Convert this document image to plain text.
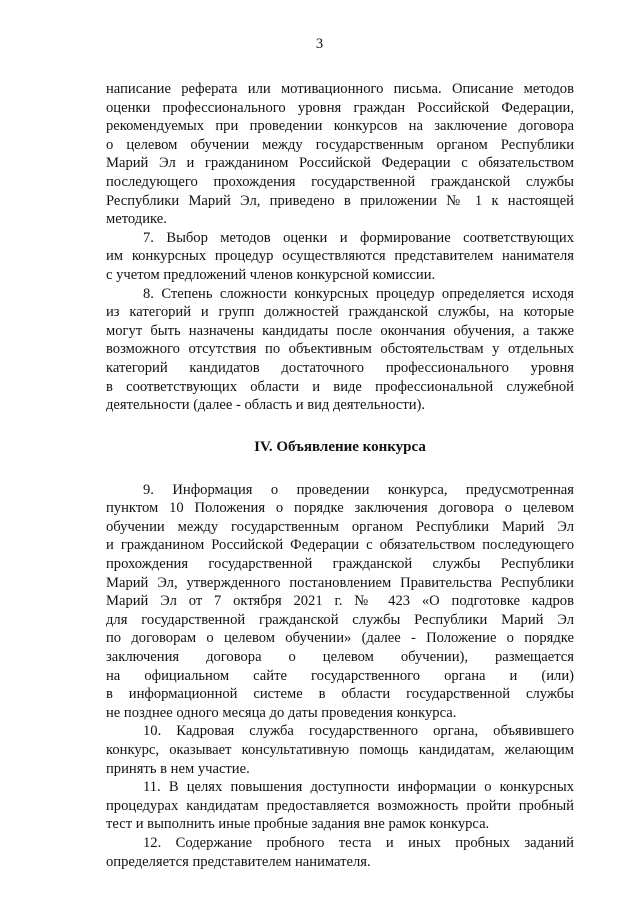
3
написание реферата или мотивационного письма. Описание методов
оценки профессионального уровня граждан Российской Федерации,
рекомендуемых при проведении конкурсов на заключение договора
о целевом обучении между государственным органом Республики
Марий Эл и гражданином Российской Федерации с обязательством
последующего прохождения государственной гражданской службы
Республики Марий Эл, приведено в приложении № 1 к настоящей
методике.
7. Выбор методов оценки и формирование соответствующих
им конкурсных процедур осуществляются представителем нанимателя
с учетом предложений членов конкурсной комиссии.
8. Степень сложности конкурсных процедур определяется исходя
из категорий и групп должностей гражданской службы, на которые
могут быть назначены кандидаты после окончания обучения, а также
возможного отсутствия по объективным обстоятельствам у отдельных
категорий кандидатов достаточного профессионального уровня
в соответствующих области и виде профессиональной служебной
деятельности (далее - область и вид деятельности).
IV. Объявление конкурса
9. Информация о проведении конкурса, предусмотренная
пунктом 10 Положения о порядке заключения договора о целевом
обучении между государственным органом Республики Марий Эл
и гражданином Российской Федерации с обязательством последующего
прохождения государственной гражданской службы Республики
Марий Эл, утвержденного постановлением Правительства Республики
Марий Эл от 7 октября 2021 г. № 423 «О подготовке кадров
для государственной гражданской службы Республики Марий Эл
по договорам о целевом обучении» (далее - Положение о порядке
заключения договора о целевом обучении), размещается
на официальном сайте государственного органа и (или)
в информационной системе в области государственной службы
не позднее одного месяца до даты проведения конкурса.
10. Кадровая служба государственного органа, объявившего
конкурс, оказывает консультативную помощь кандидатам, желающим
принять в нем участие.
11. В целях повышения доступности информации о конкурсных
процедурах кандидатам предоставляется возможность пройти пробный
тест и выполнить иные пробные задания вне рамок конкурса.
12. Содержание пробного теста и иных пробных заданий
определяется представителем нанимателя.
